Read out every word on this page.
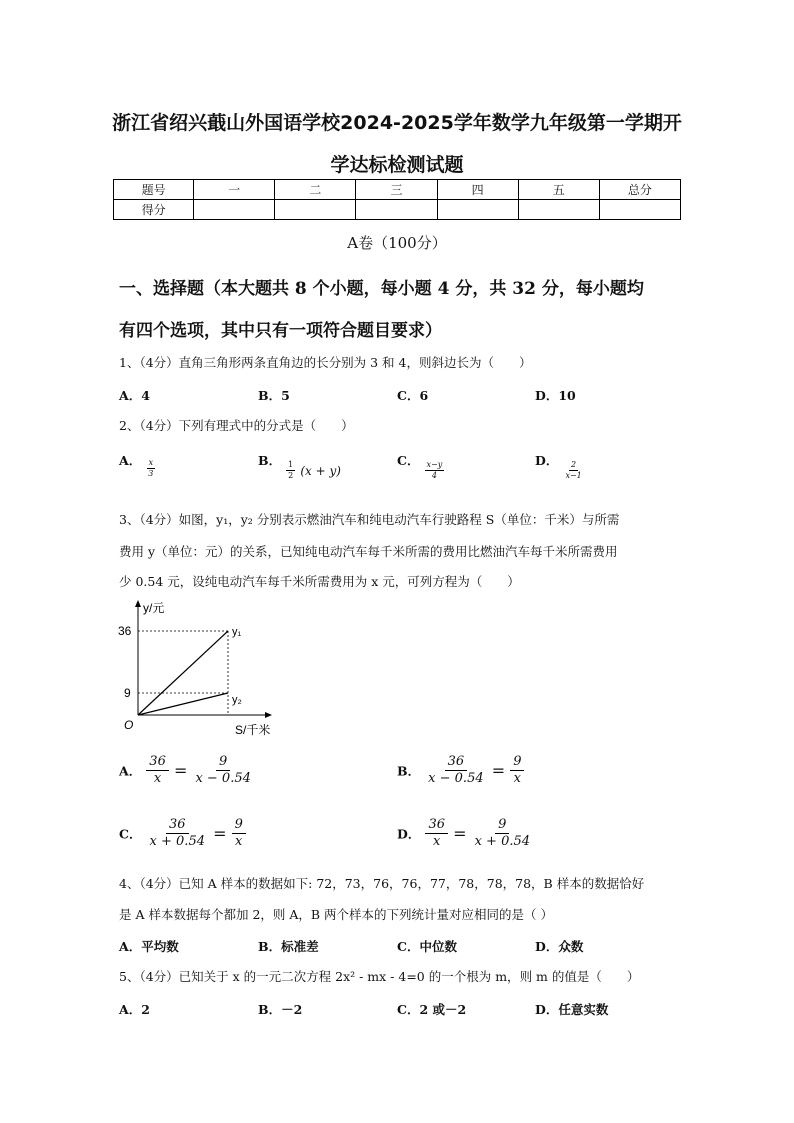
浙江省绍兴蕺山外国语学校2024-2025学年数学九年级第一学期开
学达标检测试题
题号	一	二	三	四	五	总分
得分						
A卷（100分）
一、选择题（本大题共 8 个小题，每小题 4 分，共 32 分，每小题均
有四个选项，其中只有一项符合题目要求）
1、（4分）直角三角形两条直角边的长分别为 3 和 4，则斜边长为（　　）
A．4	B．5	C．6	D．10
2、（4分）下列有理式中的分式是（　　）
A． $\frac{x}{3}$	B． $\frac{1}{2} (x + y)$
C． $\frac{x-y}{4}$	D． $\frac{2}{x-1}$
3、（4分）如图，y₁，y₂ 分别表示燃油汽车和纯电动汽车行驶路程 S（单位：千米）与所需
费用 y（单位：元）的关系，已知纯电动汽车每千米所需的费用比燃油汽车每千米所需费用
少 0.54 元，设纯电动汽车每千米所需费用为 x 元，可列方程为（　　）
y/元
36
9
O	S/千米
y₁
y₂
A． $\frac{36}{x} = \frac{9}{x - 0.54}$	B． $\frac{36}{x - 0.54} = \frac{9}{x}$
C． $\frac{36}{x + 0.54} = \frac{9}{x}$	D． $\frac{36}{x} = \frac{9}{x + 0.54}$
4、（4分）已知 A 样本的数据如下: 72，73，76，76，77，78，78，78，B 样本的数据恰好
是 A 样本数据每个都加 2，则 A，B 两个样本的下列统计量对应相同的是（ ）
A．平均数	B．标准差	C．中位数	D．众数
5、（4分）已知关于 x 的一元二次方程 2x² - mx - 4=0 的一个根为 m，则 m 的值是（　　）
A．2	B．－2	C．2 或－2	D．任意实数
